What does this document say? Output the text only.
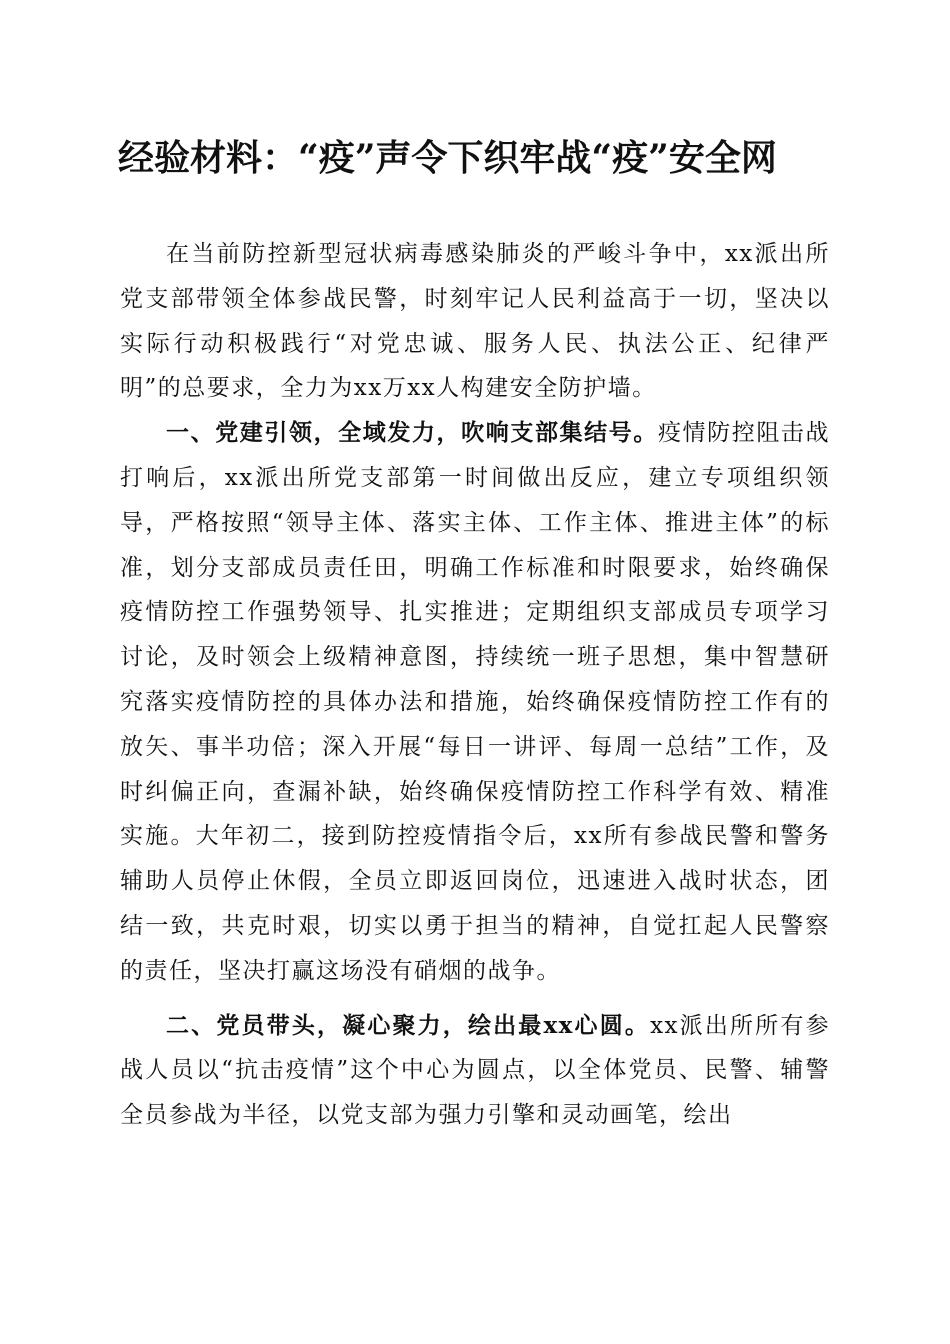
经验材料：“疫”声令下织牢战“疫”安全网

在当前防控新型冠状病毒感染肺炎的严峻斗争中，xx派出所党支部带领全体参战民警，时刻牢记人民利益高于一切，坚决以实际行动积极践行“对党忠诚、服务人民、执法公正、纪律严明”的总要求，全力为xx万xx人构建安全防护墙。

一、党建引领，全域发力，吹响支部集结号。疫情防控阻击战打响后，xx派出所党支部第一时间做出反应，建立专项组织领导，严格按照“领导主体、落实主体、工作主体、推进主体”的标准，划分支部成员责任田，明确工作标准和时限要求，始终确保疫情防控工作强势领导、扎实推进；定期组织支部成员专项学习讨论，及时领会上级精神意图，持续统一班子思想，集中智慧研究落实疫情防控的具体办法和措施，始终确保疫情防控工作有的放矢、事半功倍；深入开展“每日一讲评、每周一总结”工作，及时纠偏正向，查漏补缺，始终确保疫情防控工作科学有效、精准实施。大年初二，接到防控疫情指令后，xx所有参战民警和警务辅助人员停止休假，全员立即返回岗位，迅速进入战时状态，团结一致，共克时艰，切实以勇于担当的精神，自觉扛起人民警察的责任，坚决打赢这场没有硝烟的战争。

二、党员带头，凝心聚力，绘出最xx心圆。xx派出所所有参战人员以“抗击疫情”这个中心为圆点，以全体党员、民警、辅警全员参战为半径，以党支部为强力引擎和灵动画笔，绘出
